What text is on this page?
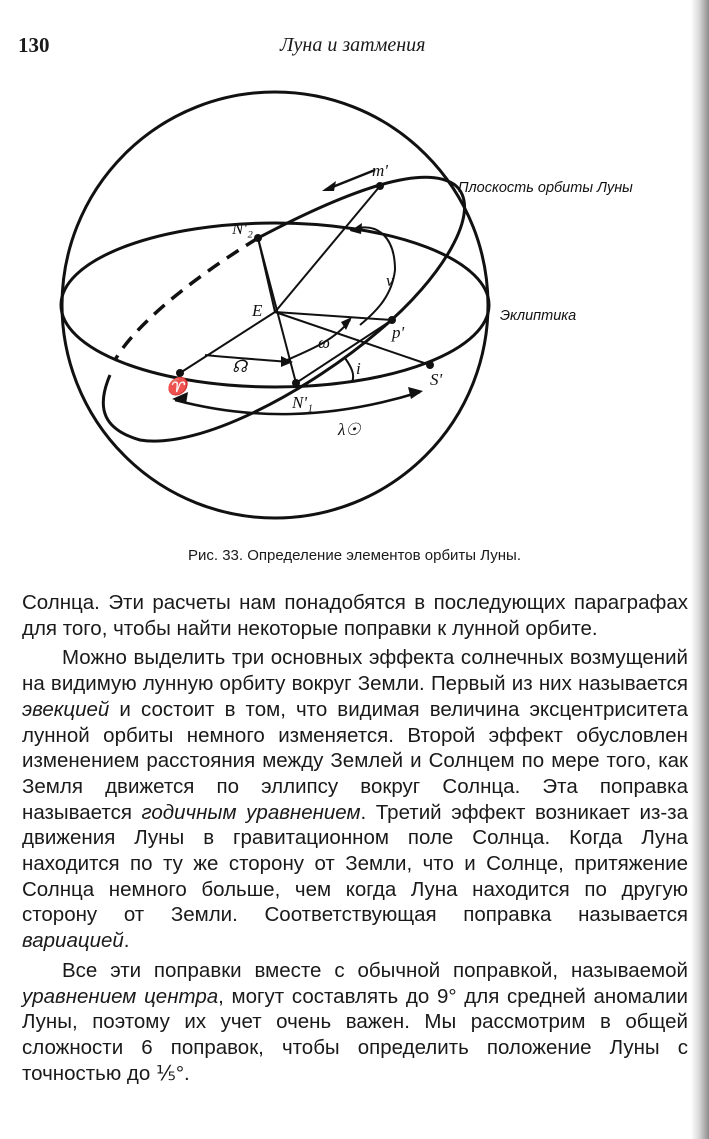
130	Луна и затмения
Плоскость орбиты Луны
Эклиптика
m'
N'₂
E
p'
N'₁
♈	S'
☊
ω
i
v
λ☉
Рис. 33. Определение элементов орбиты Луны.

Солнца. Эти расчеты нам понадобятся в последующих параграфах для того, чтобы найти некоторые поправки к лунной орбите.

Можно выделить три основных эффекта солнечных возмущений на видимую лунную орбиту вокруг Земли. Первый из них называется эвекцией и состоит в том, что видимая величина эксцентриситета лунной орбиты немного изменяется. Второй эффект обусловлен изменением расстояния между Землей и Солнцем по мере того, как Земля движется по эллипсу вокруг Солнца. Эта поправка называется годичным уравнением. Третий эффект возникает из-за движения Луны в гравитационном поле Солнца. Когда Луна находится по ту же сторону от Земли, что и Солнце, притяжение Солнца немного больше, чем когда Луна находится по другую сторону от Земли. Соответствующая поправка называется вариацией.

Все эти поправки вместе с обычной поправкой, называемой уравнением центра, могут составлять до 9° для средней аномалии Луны, поэтому их учет очень важен. Мы рассмотрим в общей сложности 6 поправок, чтобы определить положение Луны с точностью до ⅕°.
